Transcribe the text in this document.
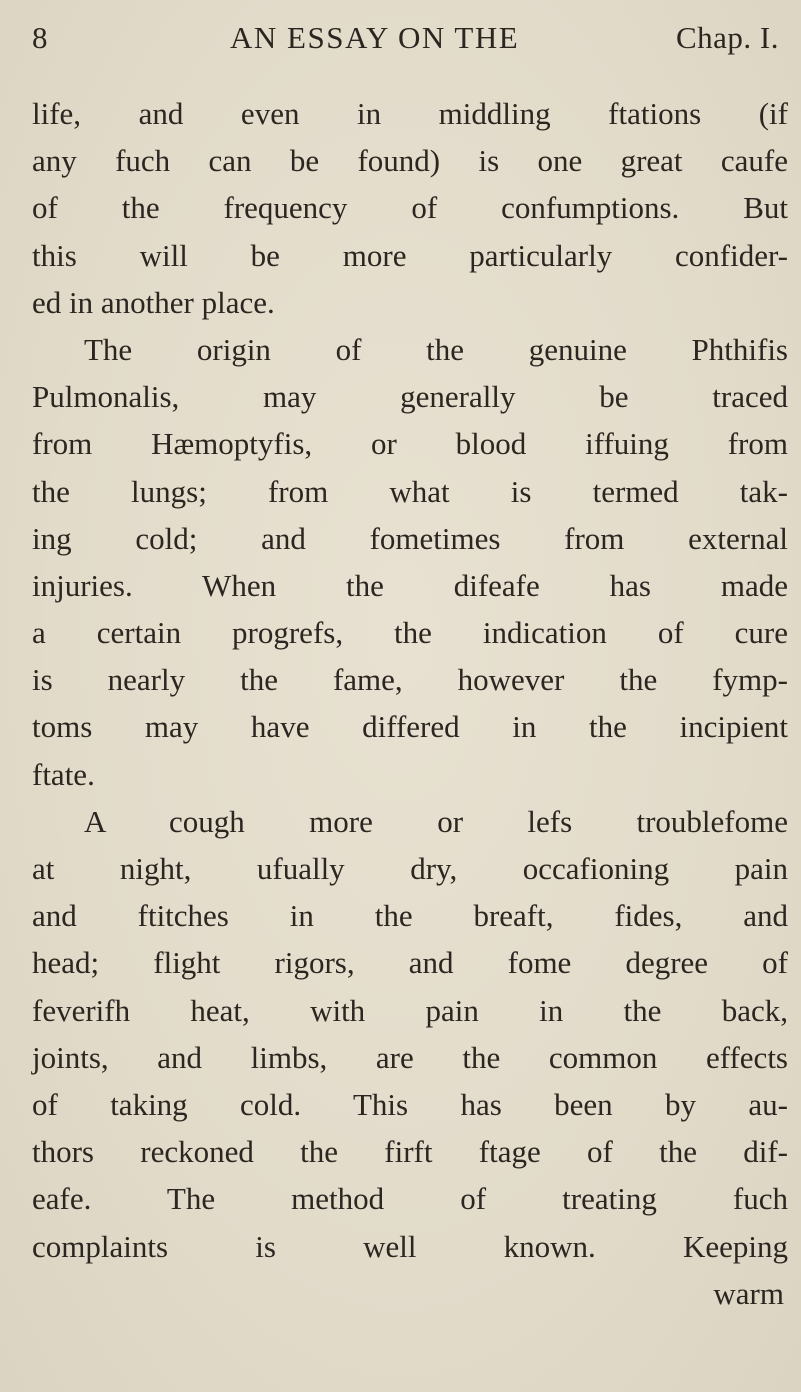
8	AN ESSAY ON THE	Chap. I.
life, and even in middling ftations (if
any fuch can be found) is one great caufe
of the frequency of confumptions. But
this will be more particularly confider-
ed in another place.
The origin of the genuine Phthifis
Pulmonalis, may generally be traced
from Hæmoptyfis, or blood iffuing from
the lungs; from what is termed tak-
ing cold; and fometimes from external
injuries. When the difeafe has made
a certain progrefs, the indication of cure
is nearly the fame, however the fymp-
toms may have differed in the incipient
ftate.
A cough more or lefs troublefome
at night, ufually dry, occafioning pain
and ftitches in the breaft, fides, and
head; flight rigors, and fome degree of
feverifh heat, with pain in the back,
joints, and limbs, are the common effects
of taking cold. This has been by au-
thors reckoned the firft ftage of the dif-
eafe. The method of treating fuch
complaints is well known. Keeping
warm
